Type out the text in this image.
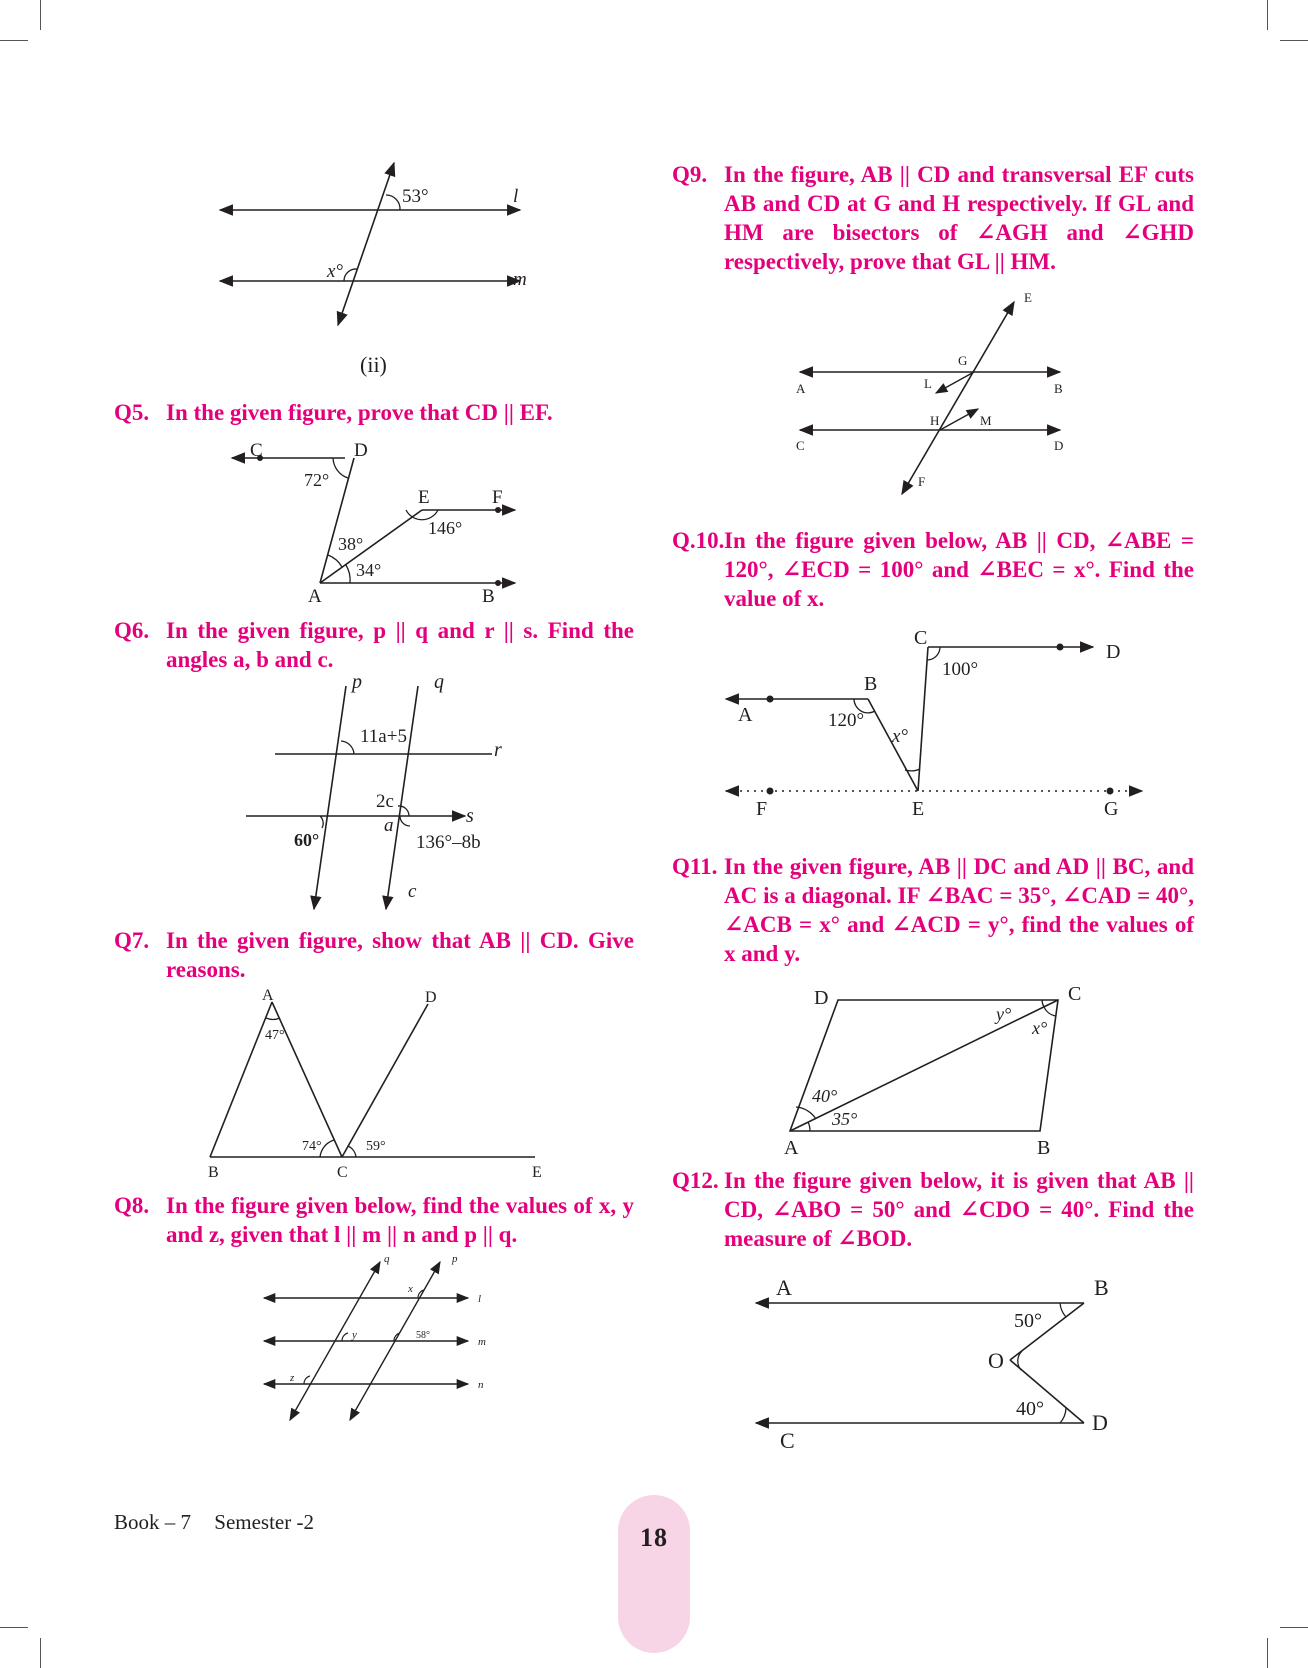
53°
x°
l
m
(ii)
Q5. In the given figure, prove that CD || EF.
C	D
E	F
A	B
72°
38°
34°
146°
Q6. In the given figure, p || q and r || s. Find the angles a, b and c.
p	q
r
s
11a+5
2c
a
136°–8b
60°
c
Q7. In the given figure, show that AB || CD. Give reasons.
A	D
B	C	E
47°
74°	59°
Q8. In the figure given below, find the values of x, y and z, given that l || m || n and p || q.
q	p
l
m
n
x
y	58°
z
Q9. In the figure, AB || CD and transversal EF cuts AB and CD at G and H respectively. If GL and HM are bisectors of ∠AGH and ∠GHD respectively, prove that GL || HM.
E
G
A	B
L
H	M
C	D
F
Q.10. In the figure given below, AB || CD, ∠ABE = 120°, ∠ECD = 100° and ∠BEC = x°. Find the value of x.
C
D
B
A
100°
120°
x°
F	E	G
Q11. In the given figure, AB || DC and AD || BC, and AC is a diagonal. IF ∠BAC = 35°, ∠CAD = 40°, ∠ACB = x° and ∠ACD = y°, find the values of x and y.
D	C
A	B
y°
x°
40°
35°
Q12. In the figure given below, it is given that AB || CD, ∠ABO = 50° and ∠CDO = 40°. Find the measure of ∠BOD.
A	B
O
50°
40°
D
C
Book – 7 Semester -2
18
